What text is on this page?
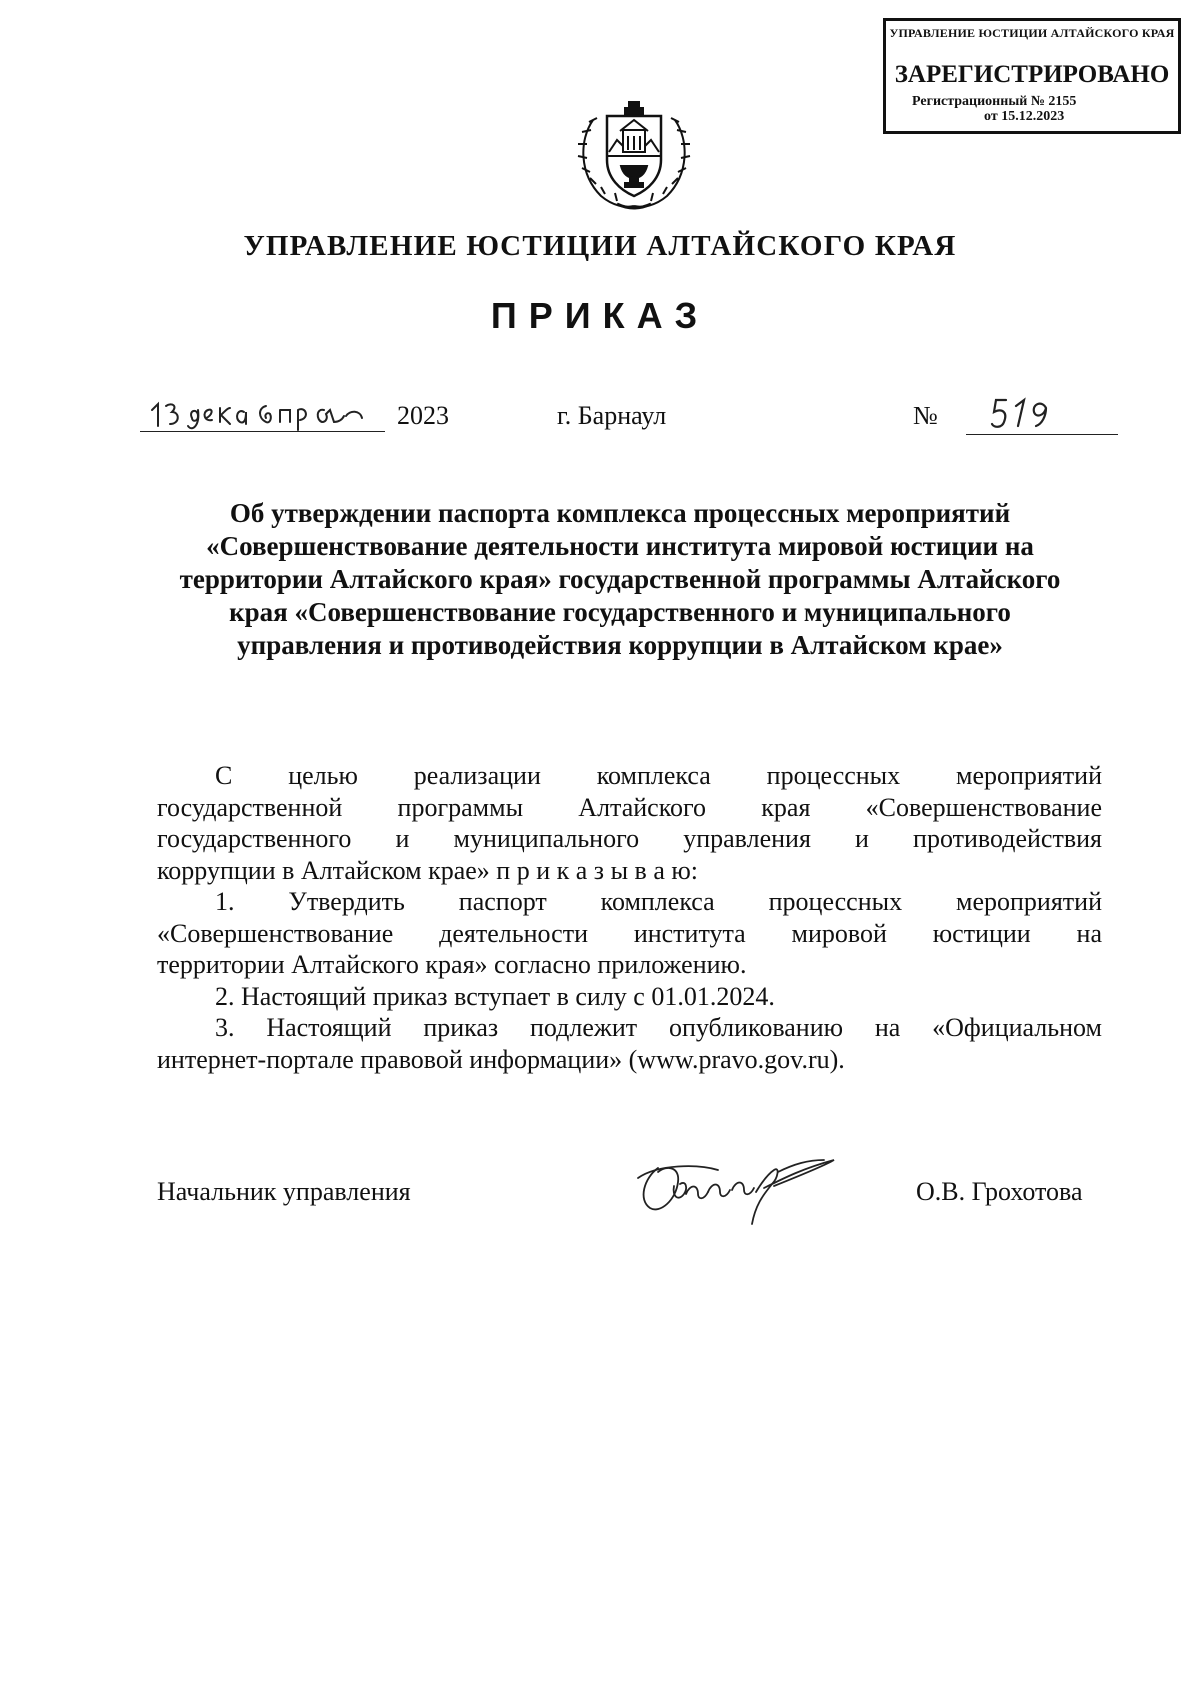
УПРАВЛЕНИЕ ЮСТИЦИИ АЛТАЙСКОГО КРАЯ
ЗАРЕГИСТРИРОВАНО
Регистрационный № 2155
от 15.12.2023
УПРАВЛЕНИЕ ЮСТИЦИИ АЛТАЙСКОГО КРАЯ
ПРИКАЗ
2023	г. Барнаул	№
Об утверждении паспорта комплекса процессных мероприятий
«Совершенствование деятельности института мировой юстиции на
территории Алтайского края» государственной программы Алтайского
края «Совершенствование государственного и муниципального
управления и противодействия коррупции в Алтайском крае»
С целью реализации комплекса процессных мероприятий
государственной программы Алтайского края «Совершенствование
государственного и муниципального управления и противодействия
коррупции в Алтайском крае» п р и к а з ы в а ю:
1. Утвердить паспорт комплекса процессных мероприятий
«Совершенствование деятельности института мировой юстиции на
территории Алтайского края» согласно приложению.
2. Настоящий приказ вступает в силу с 01.01.2024.
3. Настоящий приказ подлежит опубликованию на «Официальном
интернет-портале правовой информации» (www.pravo.gov.ru).
Начальник управления	О.В. Грохотова
